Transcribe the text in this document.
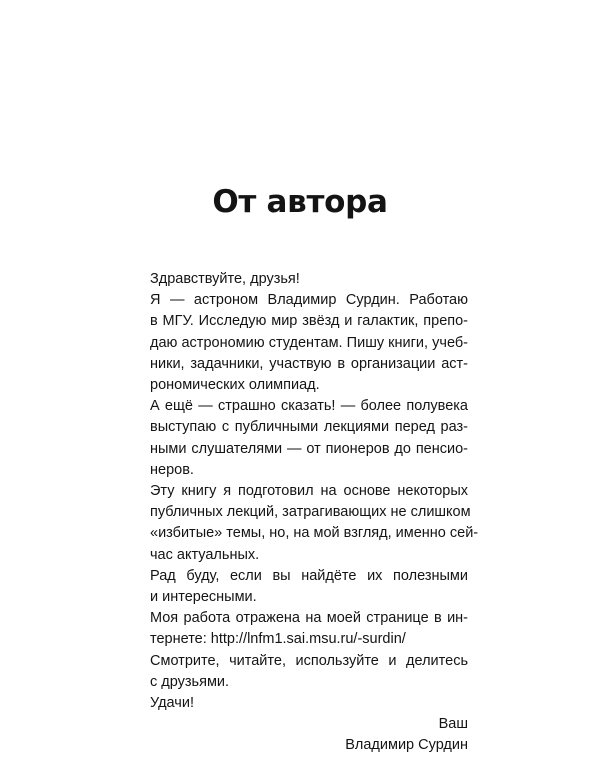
От автора
Здравствуйте, друзья!
Я — астроном Владимир Сурдин. Работаю
в МГУ. Исследую мир звёзд и галактик, препо-
даю астрономию студентам. Пишу книги, учеб-
ники, задачники, участвую в организации аст-
рономических олимпиад.
А ещё — страшно сказать! — более полувека
выступаю с публичными лекциями перед раз-
ными слушателями — от пионеров до пенсио-
неров.
Эту книгу я подготовил на основе некоторых
публичных лекций, затрагивающих не слишком
«избитые» темы, но, на мой взгляд, именно сей-
час актуальных.
Рад буду, если вы найдёте их полезными
и интересными.
Моя работа отражена на моей странице в ин-
тернете: http://lnfm1.sai.msu.ru/-surdin/
Смотрите, читайте, используйте и делитесь
с друзьями.
Удачи!
Ваш
Владимир Сурдин
